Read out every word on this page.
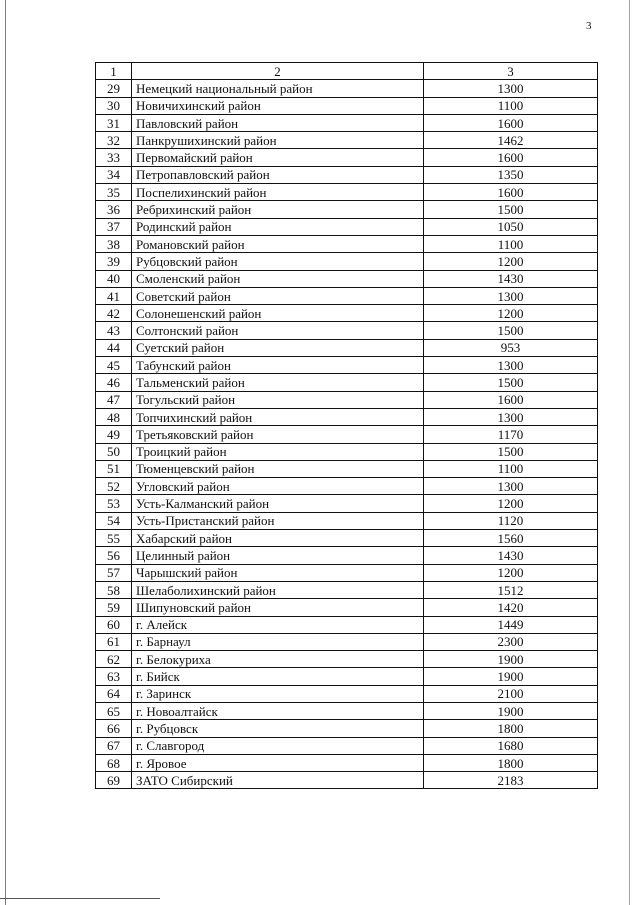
3
1	2	3
29	Немецкий национальный район	1300
30	Новичихинский район	1100
31	Павловский район	1600
32	Панкрушихинский район	1462
33	Первомайский район	1600
34	Петропавловский район	1350
35	Поспелихинский район	1600
36	Ребрихинский район	1500
37	Родинский район	1050
38	Романовский район	1100
39	Рубцовский район	1200
40	Смоленский район	1430
41	Советский район	1300
42	Солонешенский район	1200
43	Солтонский район	1500
44	Суетский район	953
45	Табунский район	1300
46	Тальменский район	1500
47	Тогульский район	1600
48	Топчихинский район	1300
49	Третьяковский район	1170
50	Троицкий район	1500
51	Тюменцевский район	1100
52	Угловский район	1300
53	Усть-Калманский район	1200
54	Усть-Пристанский район	1120
55	Хабарский район	1560
56	Целинный район	1430
57	Чарышский район	1200
58	Шелаболихинский район	1512
59	Шипуновский район	1420
60	г. Алейск	1449
61	г. Барнаул	2300
62	г. Белокуриха	1900
63	г. Бийск	1900
64	г. Заринск	2100
65	г. Новоалтайск	1900
66	г. Рубцовск	1800
67	г. Славгород	1680
68	г. Яровое	1800
69	ЗАТО Сибирский	2183
